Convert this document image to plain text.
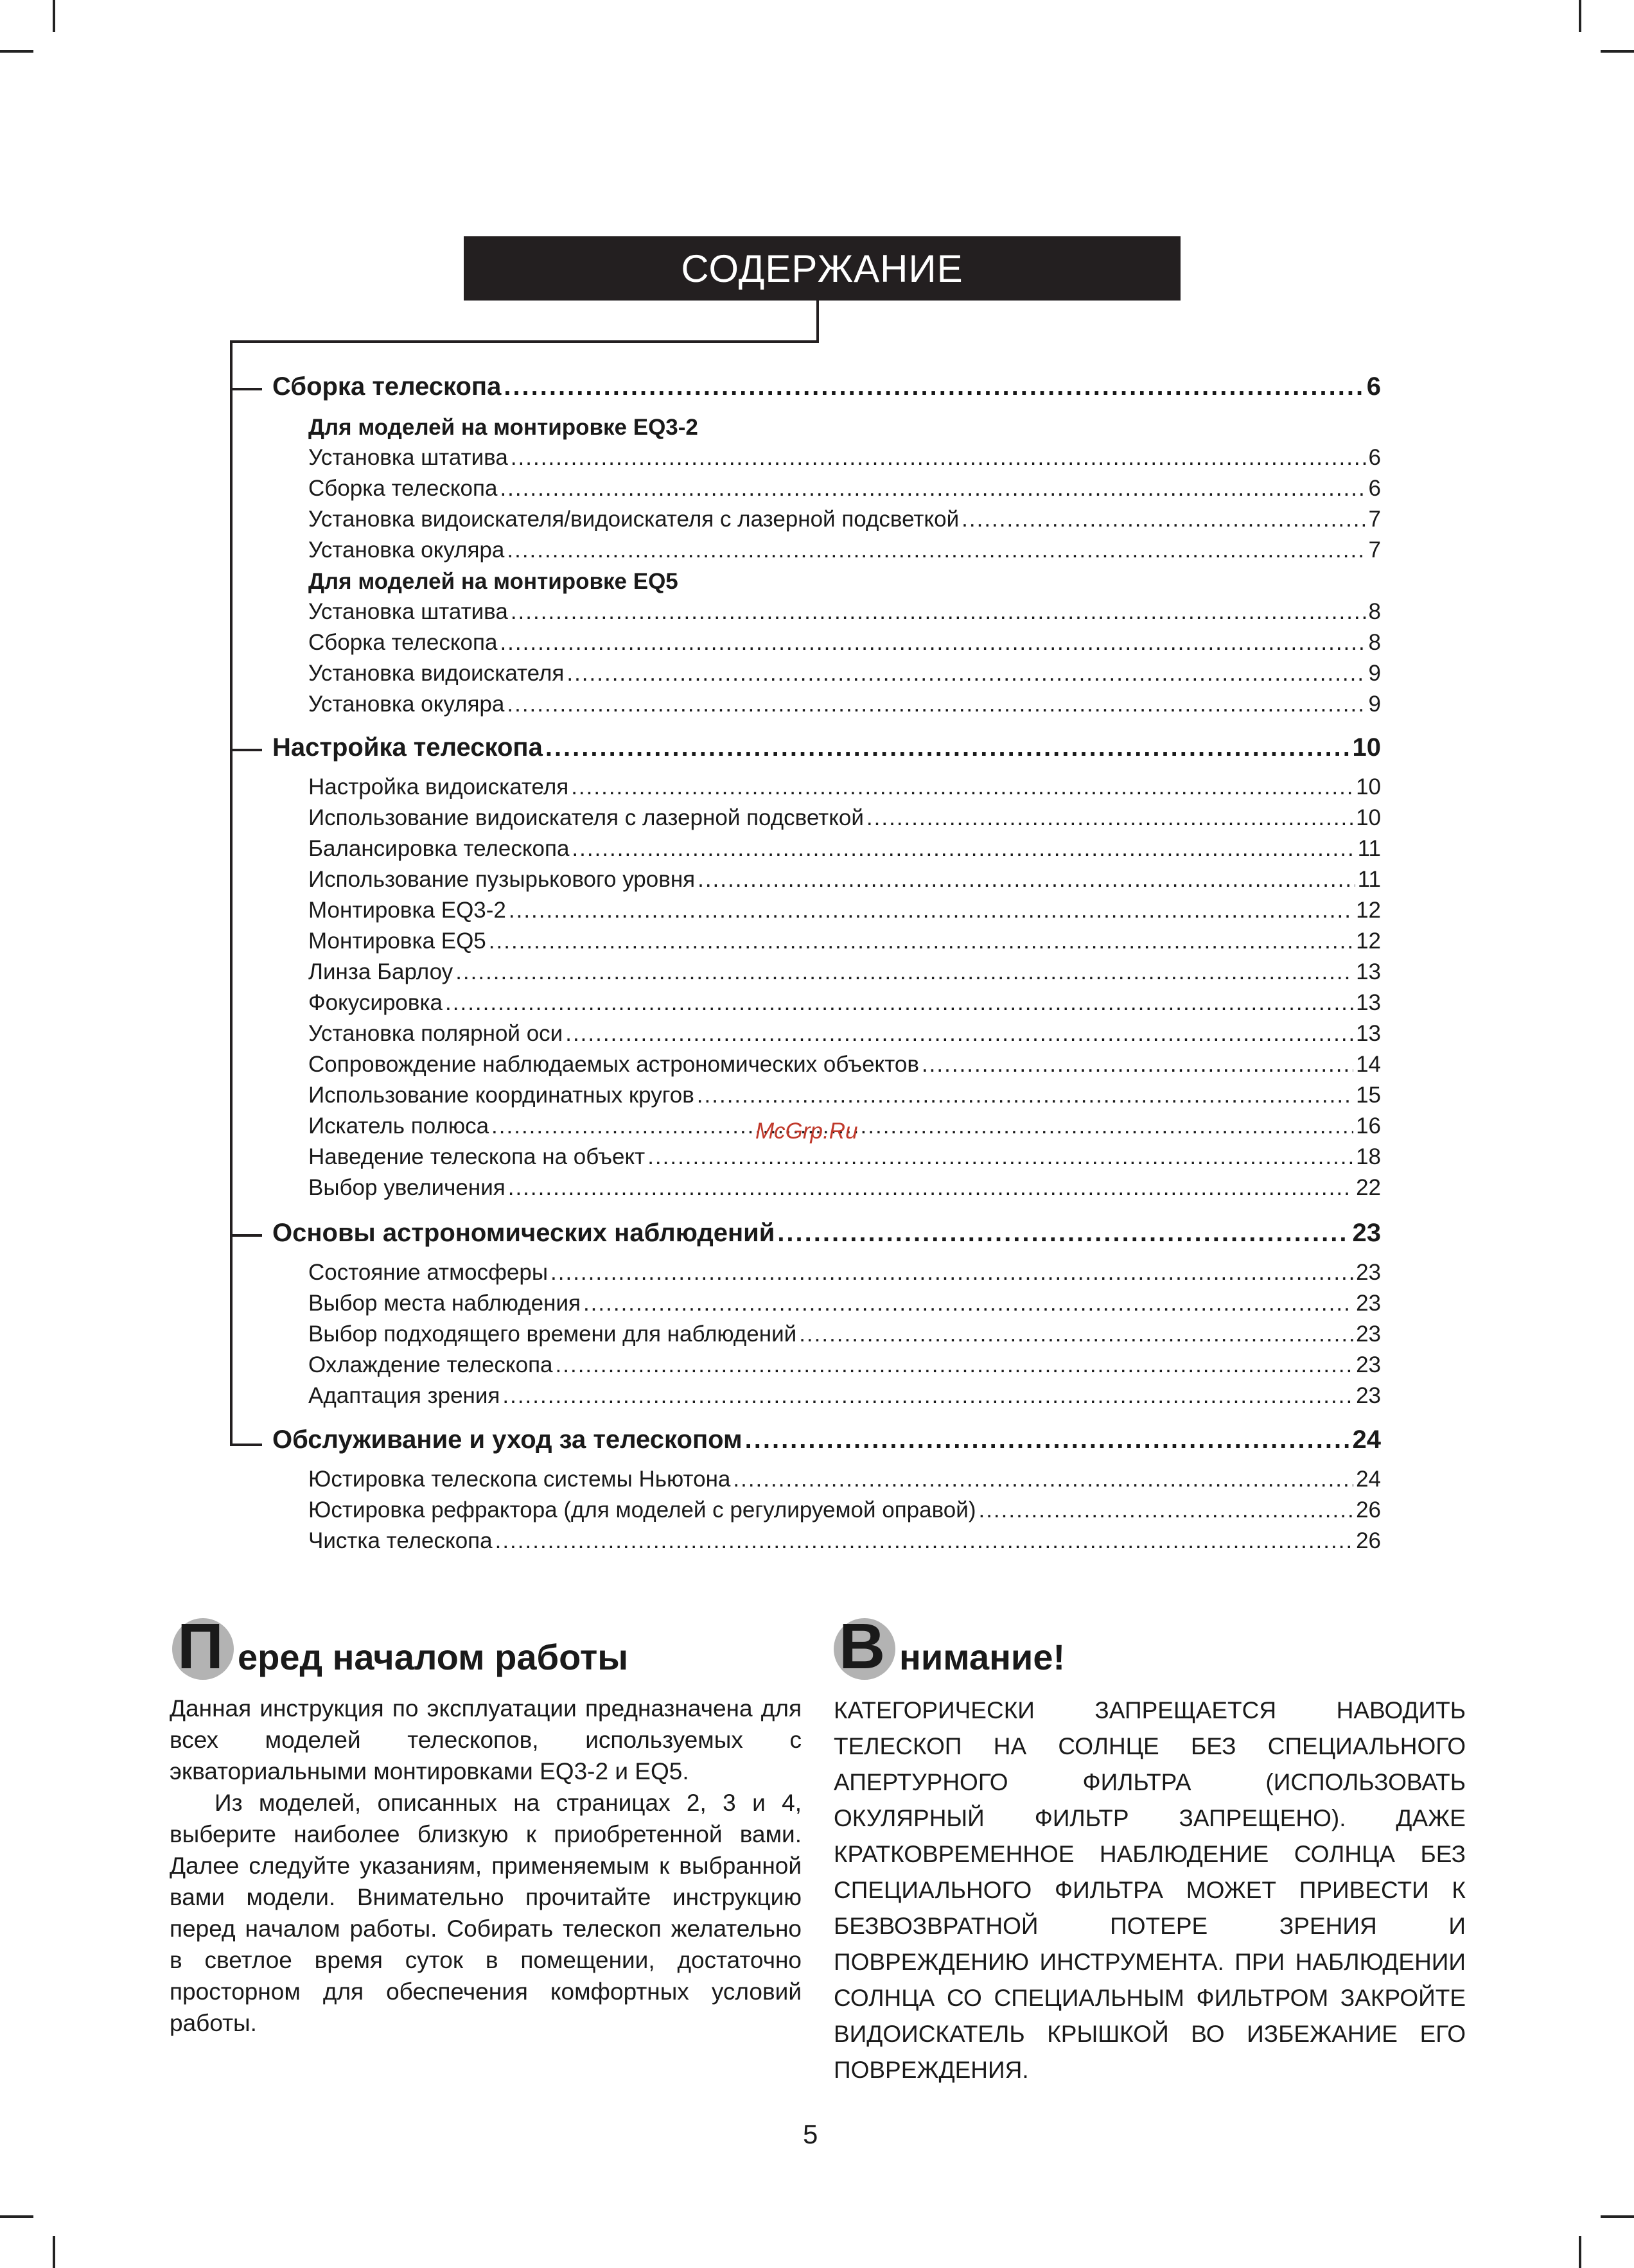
СОДЕРЖАНИЕ
Сборка телескопа .....	6
Для моделей на монтировке EQ3-2
Установка штатива .....	6
Сборка телескопа .....	6
Установка видоискателя/видоискателя с лазерной подсветкой .....	7
Установка окуляра .....	7
Для моделей на монтировке EQ5
Установка штатива .....	8
Сборка телескопа .....	8
Установка видоискателя .....	9
Установка окуляра .....	9
Настройка телескопа .....	10
Настройка видоискателя .....	10
Использование видоискателя с лазерной подсветкой .....	10
Балансировка телескопа .....	11
Использование пузырькового уровня .....	11
Монтировка EQ3-2 .....	12
Монтировка EQ5 .....	12
Линза Барлоу .....	13
Фокусировка .....	13
Установка полярной оси .....	13
Сопровождение наблюдаемых астрономических объектов .....	14
Использование координатных кругов .....	15
Искатель полюса .....	16
Наведение телескопа на объект .....	18
Выбор увеличения .....	22
McGrp.Ru
Основы астрономических наблюдений .....	23
Состояние атмосферы .....	23
Выбор места наблюдения .....	23
Выбор подходящего времени для наблюдений .....	23
Охлаждение телескопа .....	23
Адаптация зрения .....	23
Обслуживание и уход за телескопом .....	24
Юстировка телескопа системы Ньютона .....	24
Юстировка рефрактора (для моделей с регулируемой оправой) .....	26
Чистка телескопа .....	26
П еред началом работы

Данная инструкция по эксплуатации предназначена для всех моделей телескопов, используемых с экваториальными монтировками EQ3-2 и EQ5.

Из моделей, описанных на страницах 2, 3 и 4, выберите наиболее близкую к приобретенной вами. Далее следуйте указаниям, применяемым к выбранной вами модели. Внимательно прочитайте инструкцию перед началом работы. Собирать телескоп желательно в светлое время суток в помещении, достаточно просторном для обеспечения комфортных условий работы.

В нимание!

КАТЕГОРИЧЕСКИ ЗАПРЕЩАЕТСЯ НАВОДИТЬ ТЕЛЕСКОП НА СОЛНЦЕ БЕЗ СПЕЦИАЛЬНОГО АПЕРТУРНОГО ФИЛЬТРА (ИСПОЛЬЗОВАТЬ ОКУЛЯРНЫЙ ФИЛЬТР ЗАПРЕЩЕНО). ДАЖЕ КРАТКОВРЕМЕННОЕ НАБЛЮДЕНИЕ СОЛНЦА БЕЗ СПЕЦИАЛЬНОГО ФИЛЬТРА МОЖЕТ ПРИВЕСТИ К БЕЗВОЗВРАТНОЙ ПОТЕРЕ ЗРЕНИЯ И ПОВРЕЖДЕНИЮ ИНСТРУМЕНТА. ПРИ НАБЛЮДЕНИИ СОЛНЦА СО СПЕЦИАЛЬНЫМ ФИЛЬТРОМ ЗАКРОЙТЕ ВИДОИСКАТЕЛЬ КРЫШКОЙ ВО ИЗБЕЖАНИЕ ЕГО ПОВРЕЖДЕНИЯ.

5
